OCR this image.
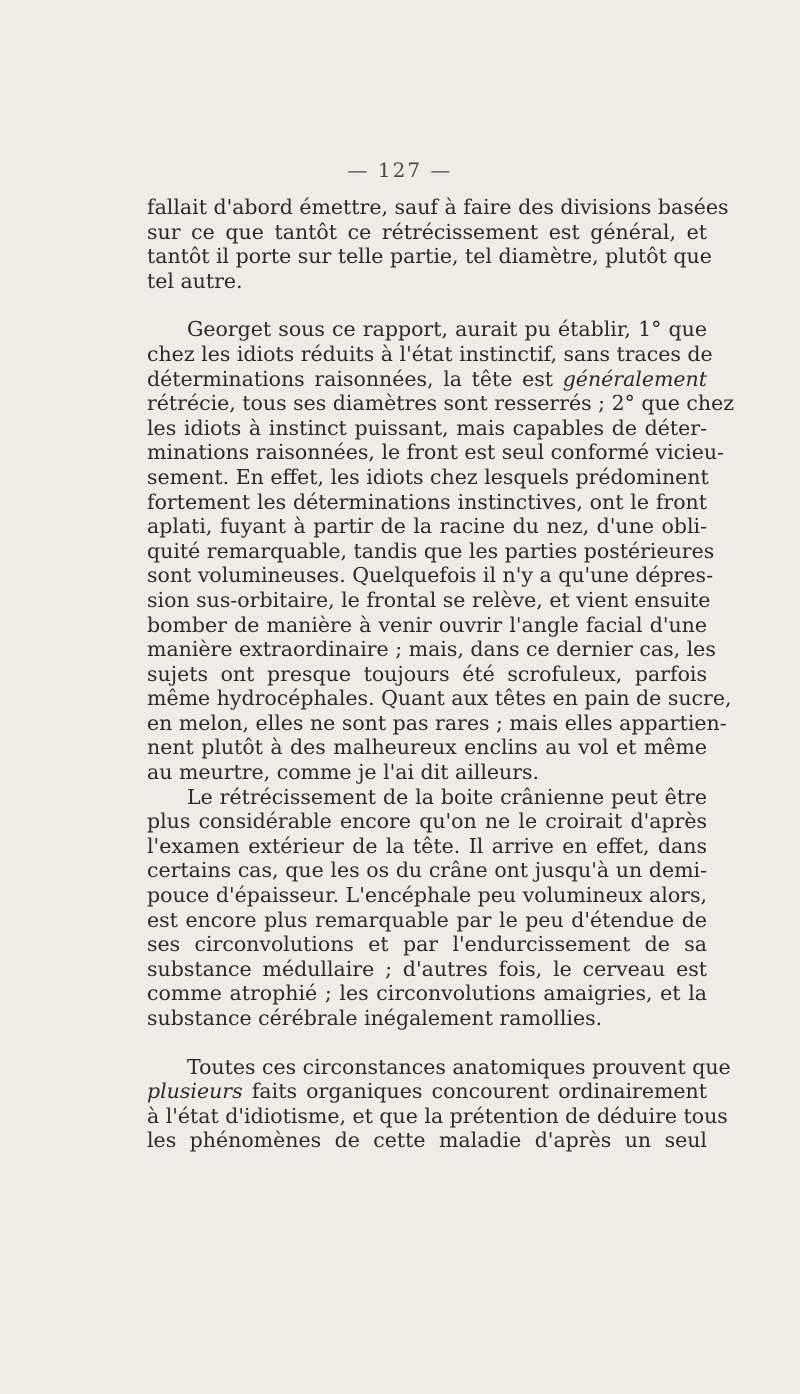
— 127 —
fallait d'abord émettre, sauf à faire des divisions basées
sur ce que tantôt ce rétrécissement est général, et
tantôt il porte sur telle partie, tel diamètre, plutôt que
tel autre.
Georget sous ce rapport, aurait pu établir, 1° que
chez les idiots réduits à l'état instinctif, sans traces de
déterminations raisonnées, la tête est généralement
rétrécie, tous ses diamètres sont resserrés ; 2° que chez
les idiots à instinct puissant, mais capables de déter-
minations raisonnées, le front est seul conformé vicieu-
sement. En effet, les idiots chez lesquels prédominent
fortement les déterminations instinctives, ont le front
aplati, fuyant à partir de la racine du nez, d'une obli-
quité remarquable, tandis que les parties postérieures
sont volumineuses. Quelquefois il n'y a qu'une dépres-
sion sus-orbitaire, le frontal se relève, et vient ensuite
bomber de manière à venir ouvrir l'angle facial d'une
manière extraordinaire ; mais, dans ce dernier cas, les
sujets ont presque toujours été scrofuleux, parfois
même hydrocéphales. Quant aux têtes en pain de sucre,
en melon, elles ne sont pas rares ; mais elles appartien-
nent plutôt à des malheureux enclins au vol et même
au meurtre, comme je l'ai dit ailleurs.
Le rétrécissement de la boite crânienne peut être
plus considérable encore qu'on ne le croirait d'après
l'examen extérieur de la tête. Il arrive en effet, dans
certains cas, que les os du crâne ont jusqu'à un demi-
pouce d'épaisseur. L'encéphale peu volumineux alors,
est encore plus remarquable par le peu d'étendue de
ses circonvolutions et par l'endurcissement de sa
substance médullaire ; d'autres fois, le cerveau est
comme atrophié ; les circonvolutions amaigries, et la
substance cérébrale inégalement ramollies.
Toutes ces circonstances anatomiques prouvent que
plusieurs faits organiques concourent ordinairement
à l'état d'idiotisme, et que la prétention de déduire tous
les phénomènes de cette maladie d'après un seul
